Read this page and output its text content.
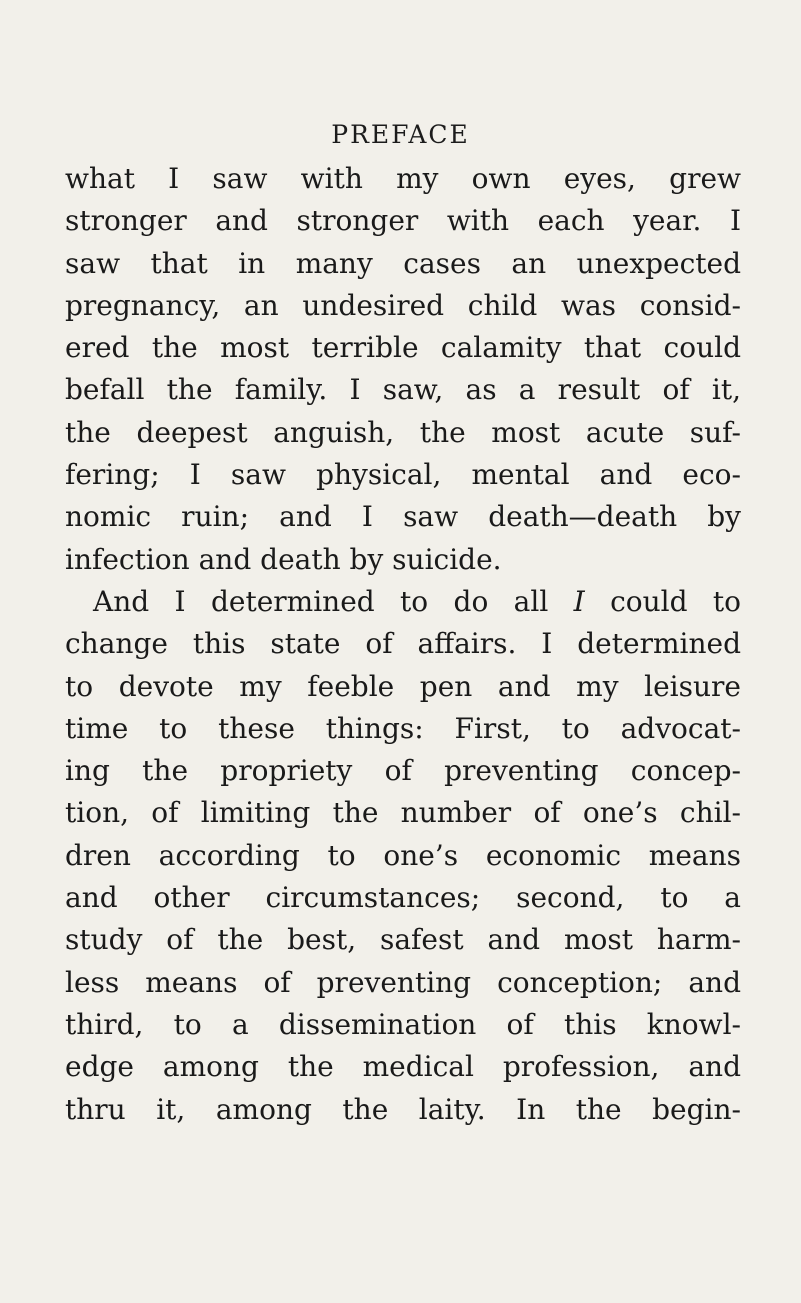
PREFACE
what I saw with my own eyes, grew
stronger and stronger with each year. I
saw that in many cases an unexpected
pregnancy, an undesired child was consid-
ered the most terrible calamity that could
befall the family. I saw, as a result of it,
the deepest anguish, the most acute suf-
fering; I saw physical, mental and eco-
nomic ruin; and I saw death—death by
infection and death by suicide.
And I determined to do all I could to
change this state of affairs. I determined
to devote my feeble pen and my leisure
time to these things: First, to advocat-
ing the propriety of preventing concep-
tion, of limiting the number of one’s chil-
dren according to one’s economic means
and other circumstances; second, to a
study of the best, safest and most harm-
less means of preventing conception; and
third, to a dissemination of this knowl-
edge among the medical profession, and
thru it, among the laity. In the begin-
